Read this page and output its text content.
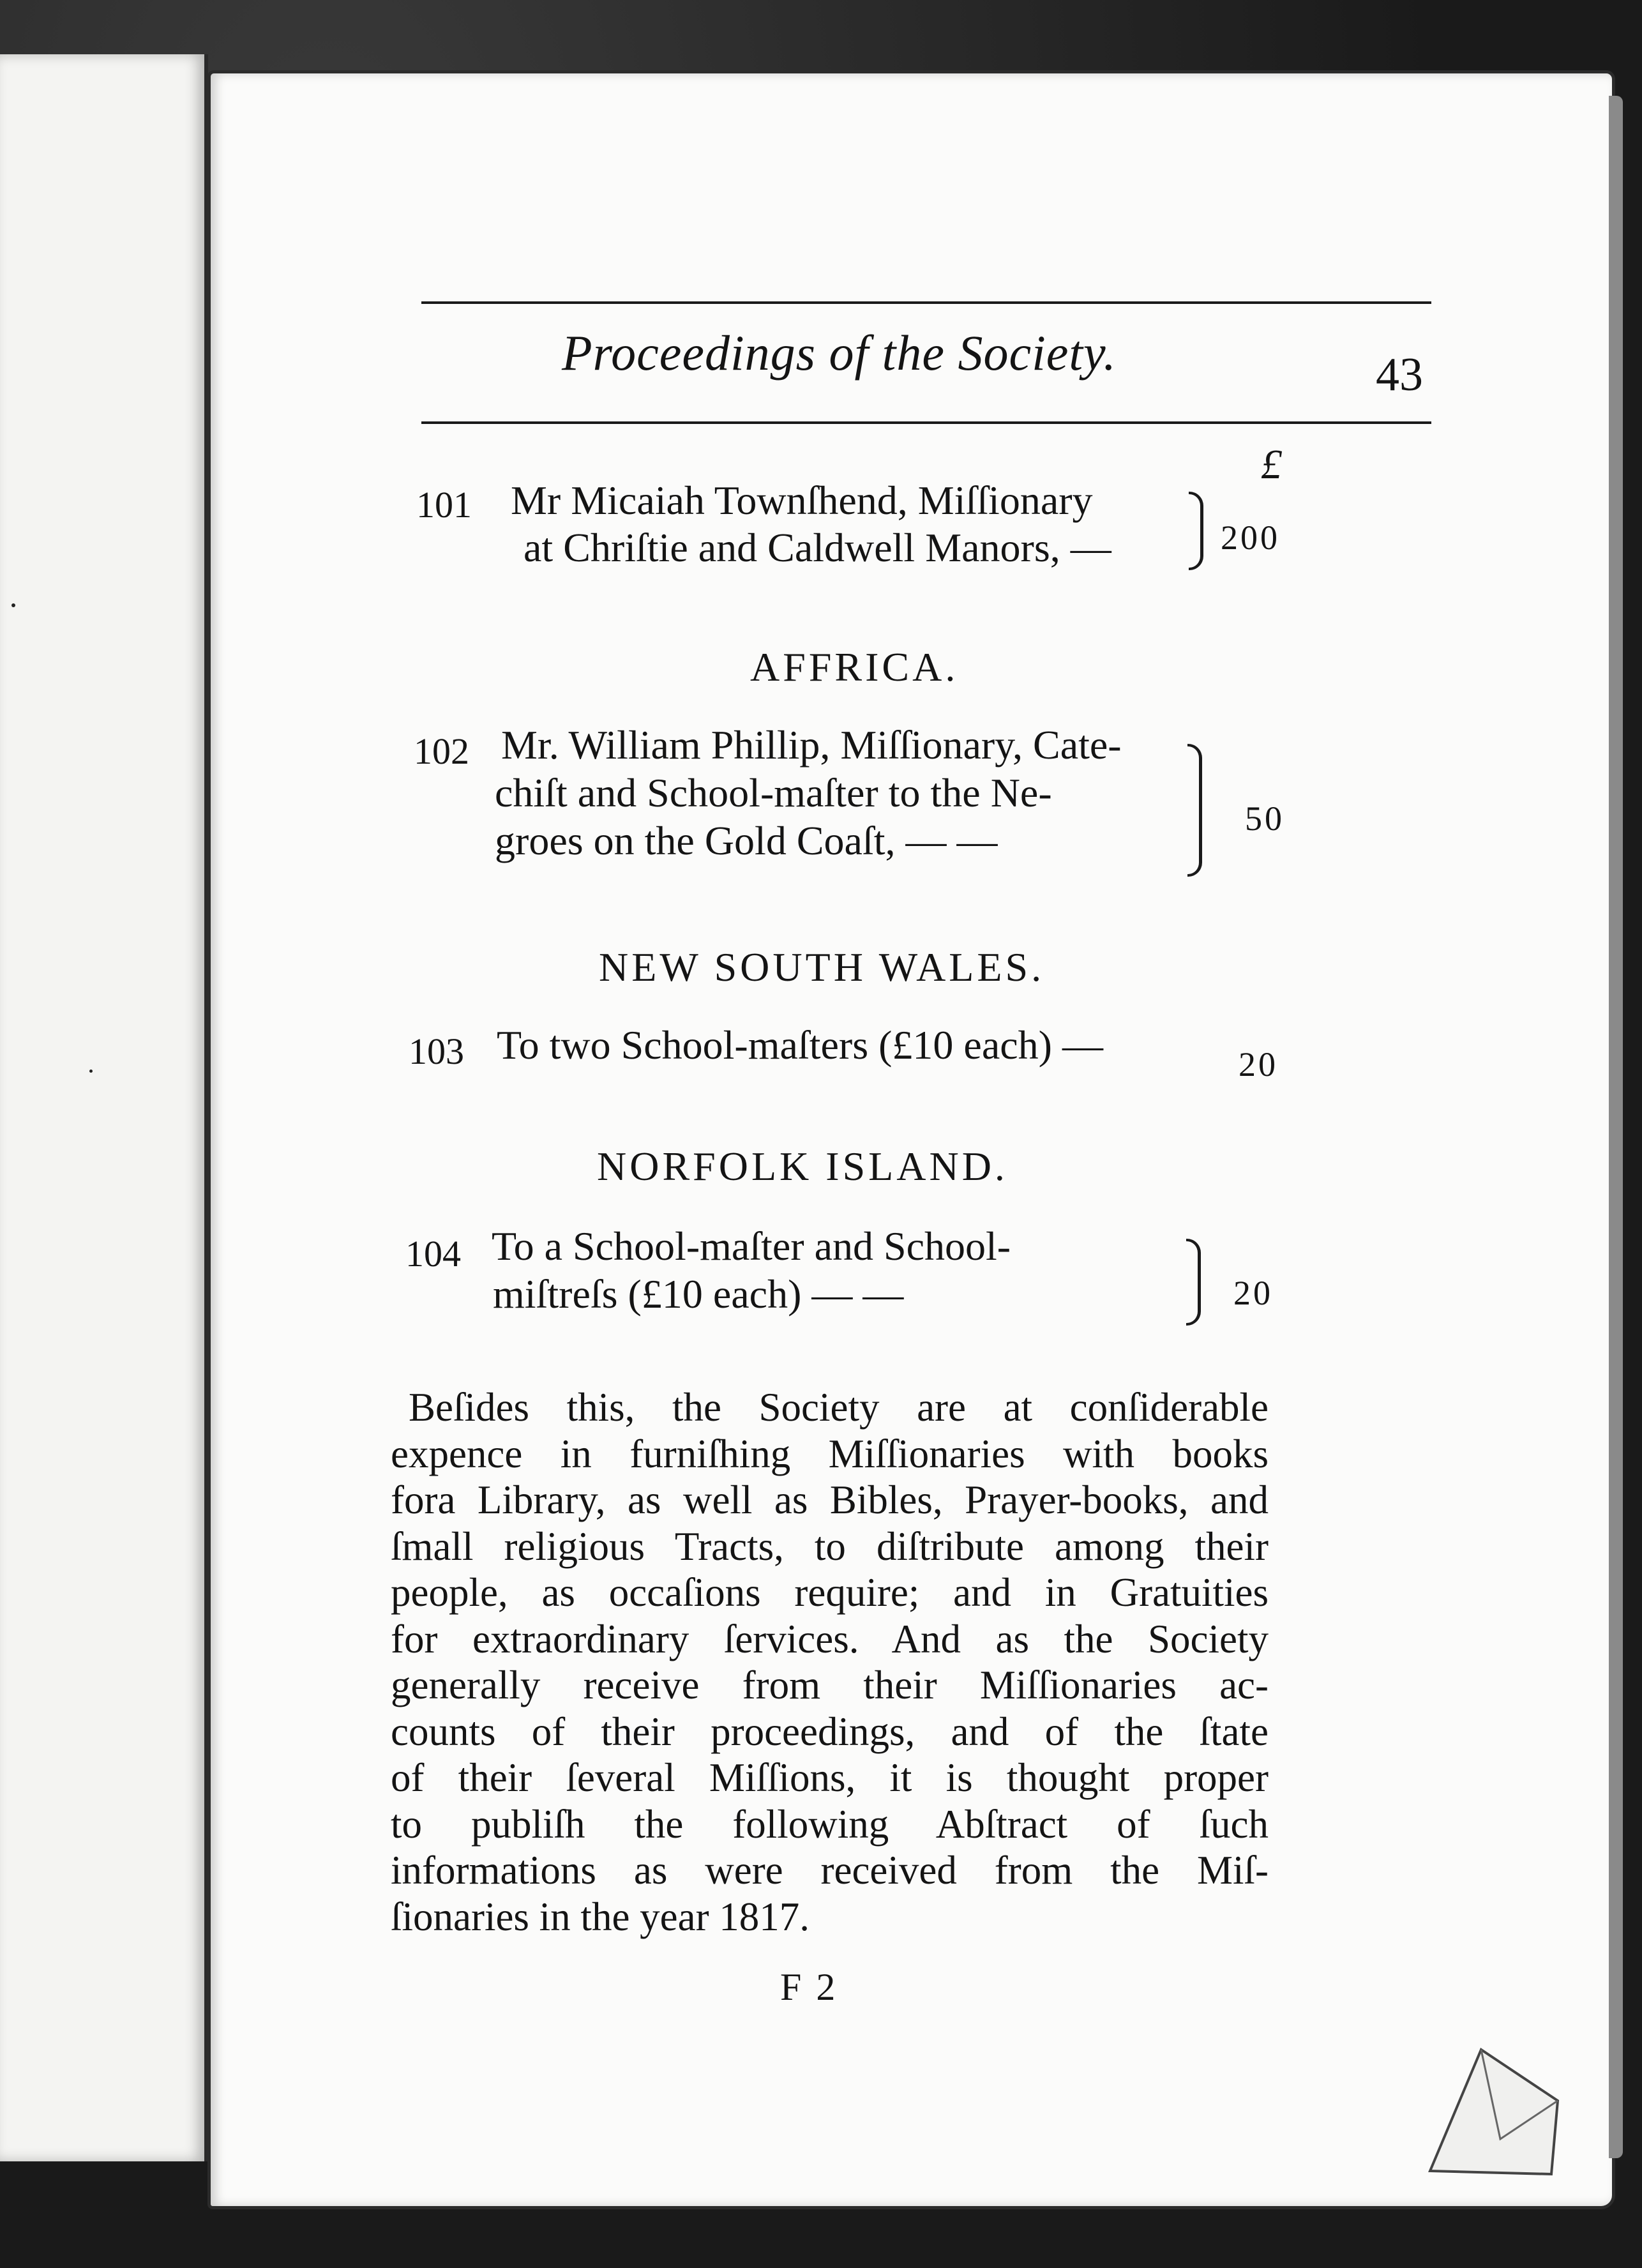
Proceedings of the Society.	43
£
101 Mr Micaiah Townſhend, Miſſionary
at Chriſtie and Caldwell Manors, —	200
AFFRICA.
102 Mr. William Phillip, Miſſionary, Cate-
chiſt and School-maſter to the Ne-
groes on the Gold Coaſt, — —	50
NEW SOUTH WALES.
103 To two School-maſters (£10 each) —	20
NORFOLK ISLAND.
104 To a School-maſter and School-
miſtreſs (£10 each) — —	20
Beſides this, the Society are at conſiderable
expence in furniſhing Miſſionaries with books
fora Library, as well as Bibles, Prayer-books, and
ſmall religious Tracts, to diſtribute among their
people, as occaſions require; and in Gratuities
for extraordinary ſervices. And as the Society
generally receive from their Miſſionaries ac-
counts of their proceedings, and of the ſtate
of their ſeveral Miſſions, it is thought proper
to publiſh the following Abſtract of ſuch
informations as were received from the Miſ-
ſionaries in the year 1817.
F 2
